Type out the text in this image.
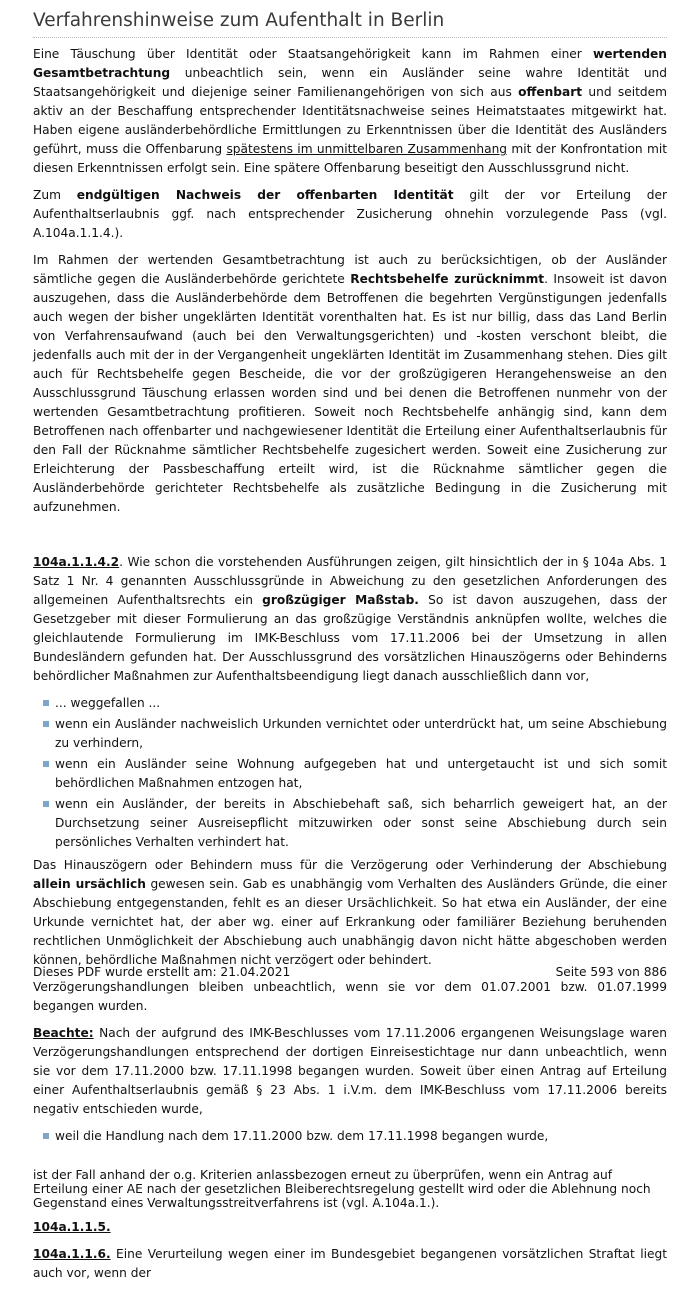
Verfahrenshinweise zum Aufenthalt in Berlin

Eine Täuschung über Identität oder Staatsangehörigkeit kann im Rahmen einer wertenden Gesamtbetrachtung unbeachtlich sein, wenn ein Ausländer seine wahre Identität und Staatsangehörigkeit und diejenige seiner Familienangehörigen von sich aus offenbart und seitdem aktiv an der Beschaffung entsprechender Identitätsnachweise seines Heimatstaates mitgewirkt hat. Haben eigene ausländerbehördliche Ermittlungen zu Erkenntnissen über die Identität des Ausländers geführt, muss die Offenbarung spätestens im unmittelbaren Zusammenhang mit der Konfrontation mit diesen Erkenntnissen erfolgt sein. Eine spätere Offenbarung beseitigt den Ausschlussgrund nicht.

Zum endgültigen Nachweis der offenbarten Identität gilt der vor Erteilung der Aufenthaltserlaubnis ggf. nach entsprechender Zusicherung ohnehin vorzulegende Pass (vgl. A.104a.1.1.4.).

Im Rahmen der wertenden Gesamtbetrachtung ist auch zu berücksichtigen, ob der Ausländer sämtliche gegen die Ausländerbehörde gerichtete Rechtsbehelfe zurücknimmt. Insoweit ist davon auszugehen, dass die Ausländerbehörde dem Betroffenen die begehrten Vergünstigungen jedenfalls auch wegen der bisher ungeklärten Identität vorenthalten hat. Es ist nur billig, dass das Land Berlin von Verfahrensaufwand (auch bei den Verwaltungsgerichten) und -kosten verschont bleibt, die jedenfalls auch mit der in der Vergangenheit ungeklärten Identität im Zusammenhang stehen. Dies gilt auch für Rechtsbehelfe gegen Bescheide, die vor der großzügigeren Herangehensweise an den Ausschlussgrund Täuschung erlassen worden sind und bei denen die Betroffenen nunmehr von der wertenden Gesamtbetrachtung profitieren. Soweit noch Rechtsbehelfe anhängig sind, kann dem Betroffenen nach offenbarter und nachgewiesener Identität die Erteilung einer Aufenthaltserlaubnis für den Fall der Rücknahme sämtlicher Rechtsbehelfe zugesichert werden. Soweit eine Zusicherung zur Erleichterung der Passbeschaffung erteilt wird, ist die Rücknahme sämtlicher gegen die Ausländerbehörde gerichteter Rechtsbehelfe als zusätzliche Bedingung in die Zusicherung mit aufzunehmen.

104a.1.1.4.2. Wie schon die vorstehenden Ausführungen zeigen, gilt hinsichtlich der in § 104a Abs. 1 Satz 1 Nr. 4 genannten Ausschlussgründe in Abweichung zu den gesetzlichen Anforderungen des allgemeinen Aufenthaltsrechts ein großzügiger Maßstab. So ist davon auszugehen, dass der Gesetzgeber mit dieser Formulierung an das großzügige Verständnis anknüpfen wollte, welches die gleichlautende Formulierung im IMK-Beschluss vom 17.11.2006 bei der Umsetzung in allen Bundesländern gefunden hat. Der Ausschlussgrund des vorsätzlichen Hinauszögerns oder Behinderns behördlicher Maßnahmen zur Aufenthaltsbeendigung liegt danach ausschließlich dann vor,

... weggefallen ...
wenn ein Ausländer nachweislich Urkunden vernichtet oder unterdrückt hat, um seine Abschiebung zu verhindern,
wenn ein Ausländer seine Wohnung aufgegeben hat und untergetaucht ist und sich somit behördlichen Maßnahmen entzogen hat,
wenn ein Ausländer, der bereits in Abschiebehaft saß, sich beharrlich geweigert hat, an der Durchsetzung seiner Ausreisepflicht mitzuwirken oder sonst seine Abschiebung durch sein persönliches Verhalten verhindert hat.

Das Hinauszögern oder Behindern muss für die Verzögerung oder Verhinderung der Abschiebung allein ursächlich gewesen sein. Gab es unabhängig vom Verhalten des Ausländers Gründe, die einer Abschiebung entgegenstanden, fehlt es an dieser Ursächlichkeit. So hat etwa ein Ausländer, der eine Urkunde vernichtet hat, der aber wg. einer auf Erkrankung oder familiärer Beziehung beruhenden rechtlichen Unmöglichkeit der Abschiebung auch unabhängig davon nicht hätte abgeschoben werden können, behördliche Maßnahmen nicht verzögert oder behindert.

Verzögerungshandlungen bleiben unbeachtlich, wenn sie vor dem 01.07.2001 bzw. 01.07.1999 begangen wurden.

Beachte: Nach der aufgrund des IMK-Beschlusses vom 17.11.2006 ergangenen Weisungslage waren Verzögerungshandlungen entsprechend der dortigen Einreisestichtage nur dann unbeachtlich, wenn sie vor dem 17.11.2000 bzw. 17.11.1998 begangen wurden. Soweit über einen Antrag auf Erteilung einer Aufenthaltserlaubnis gemäß § 23 Abs. 1 i.V.m. dem IMK-Beschluss vom 17.11.2006 bereits negativ entschieden wurde,

weil die Handlung nach dem 17.11.2000 bzw. dem 17.11.1998 begangen wurde,

ist der Fall anhand der o.g. Kriterien anlassbezogen erneut zu überprüfen, wenn ein Antrag auf Erteilung einer AE nach der gesetzlichen Bleiberechtsregelung gestellt wird oder die Ablehnung noch Gegenstand eines Verwaltungsstreitverfahrens ist (vgl. A.104a.1.).

104a.1.1.5.

104a.1.1.6. Eine Verurteilung wegen einer im Bundesgebiet begangenen vorsätzlichen Straftat liegt auch vor, wenn der

Dieses PDF wurde erstellt am: 21.04.2021	Seite 593 von 886
